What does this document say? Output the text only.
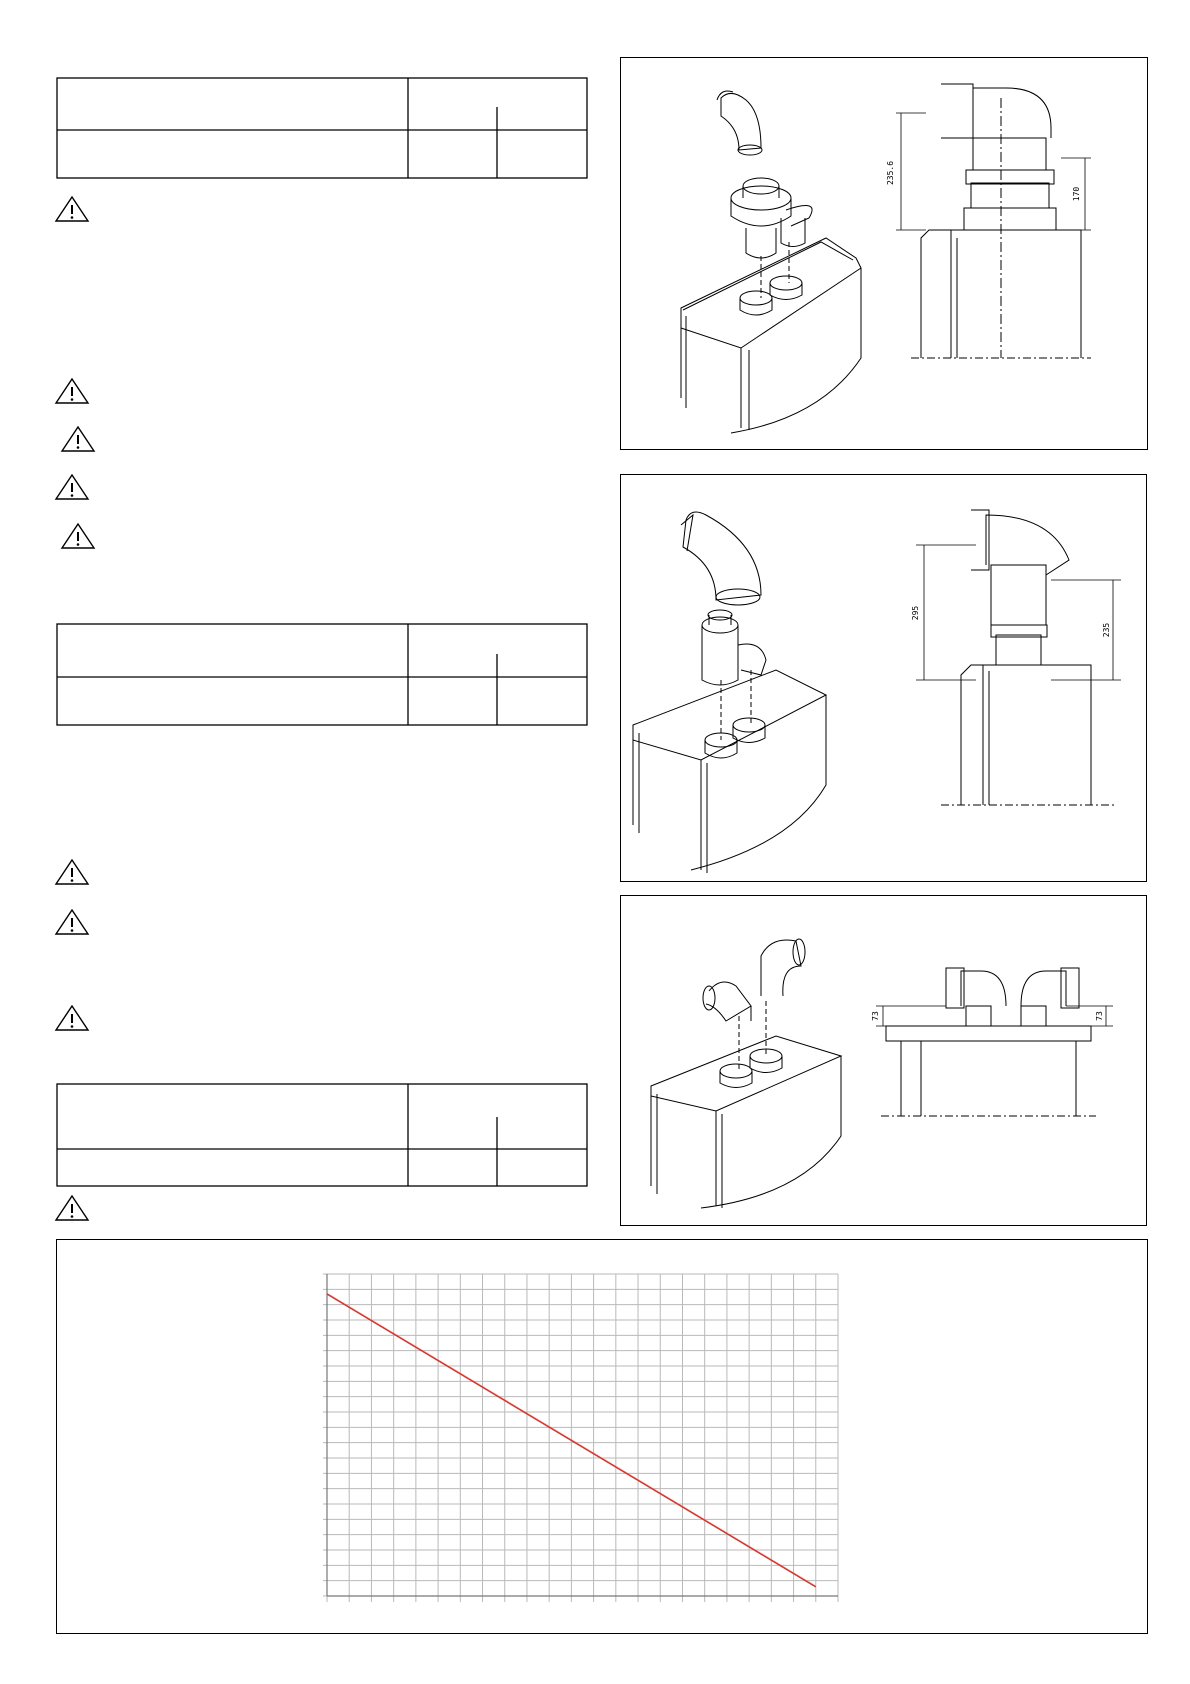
235.6
170
295
235
73	73
